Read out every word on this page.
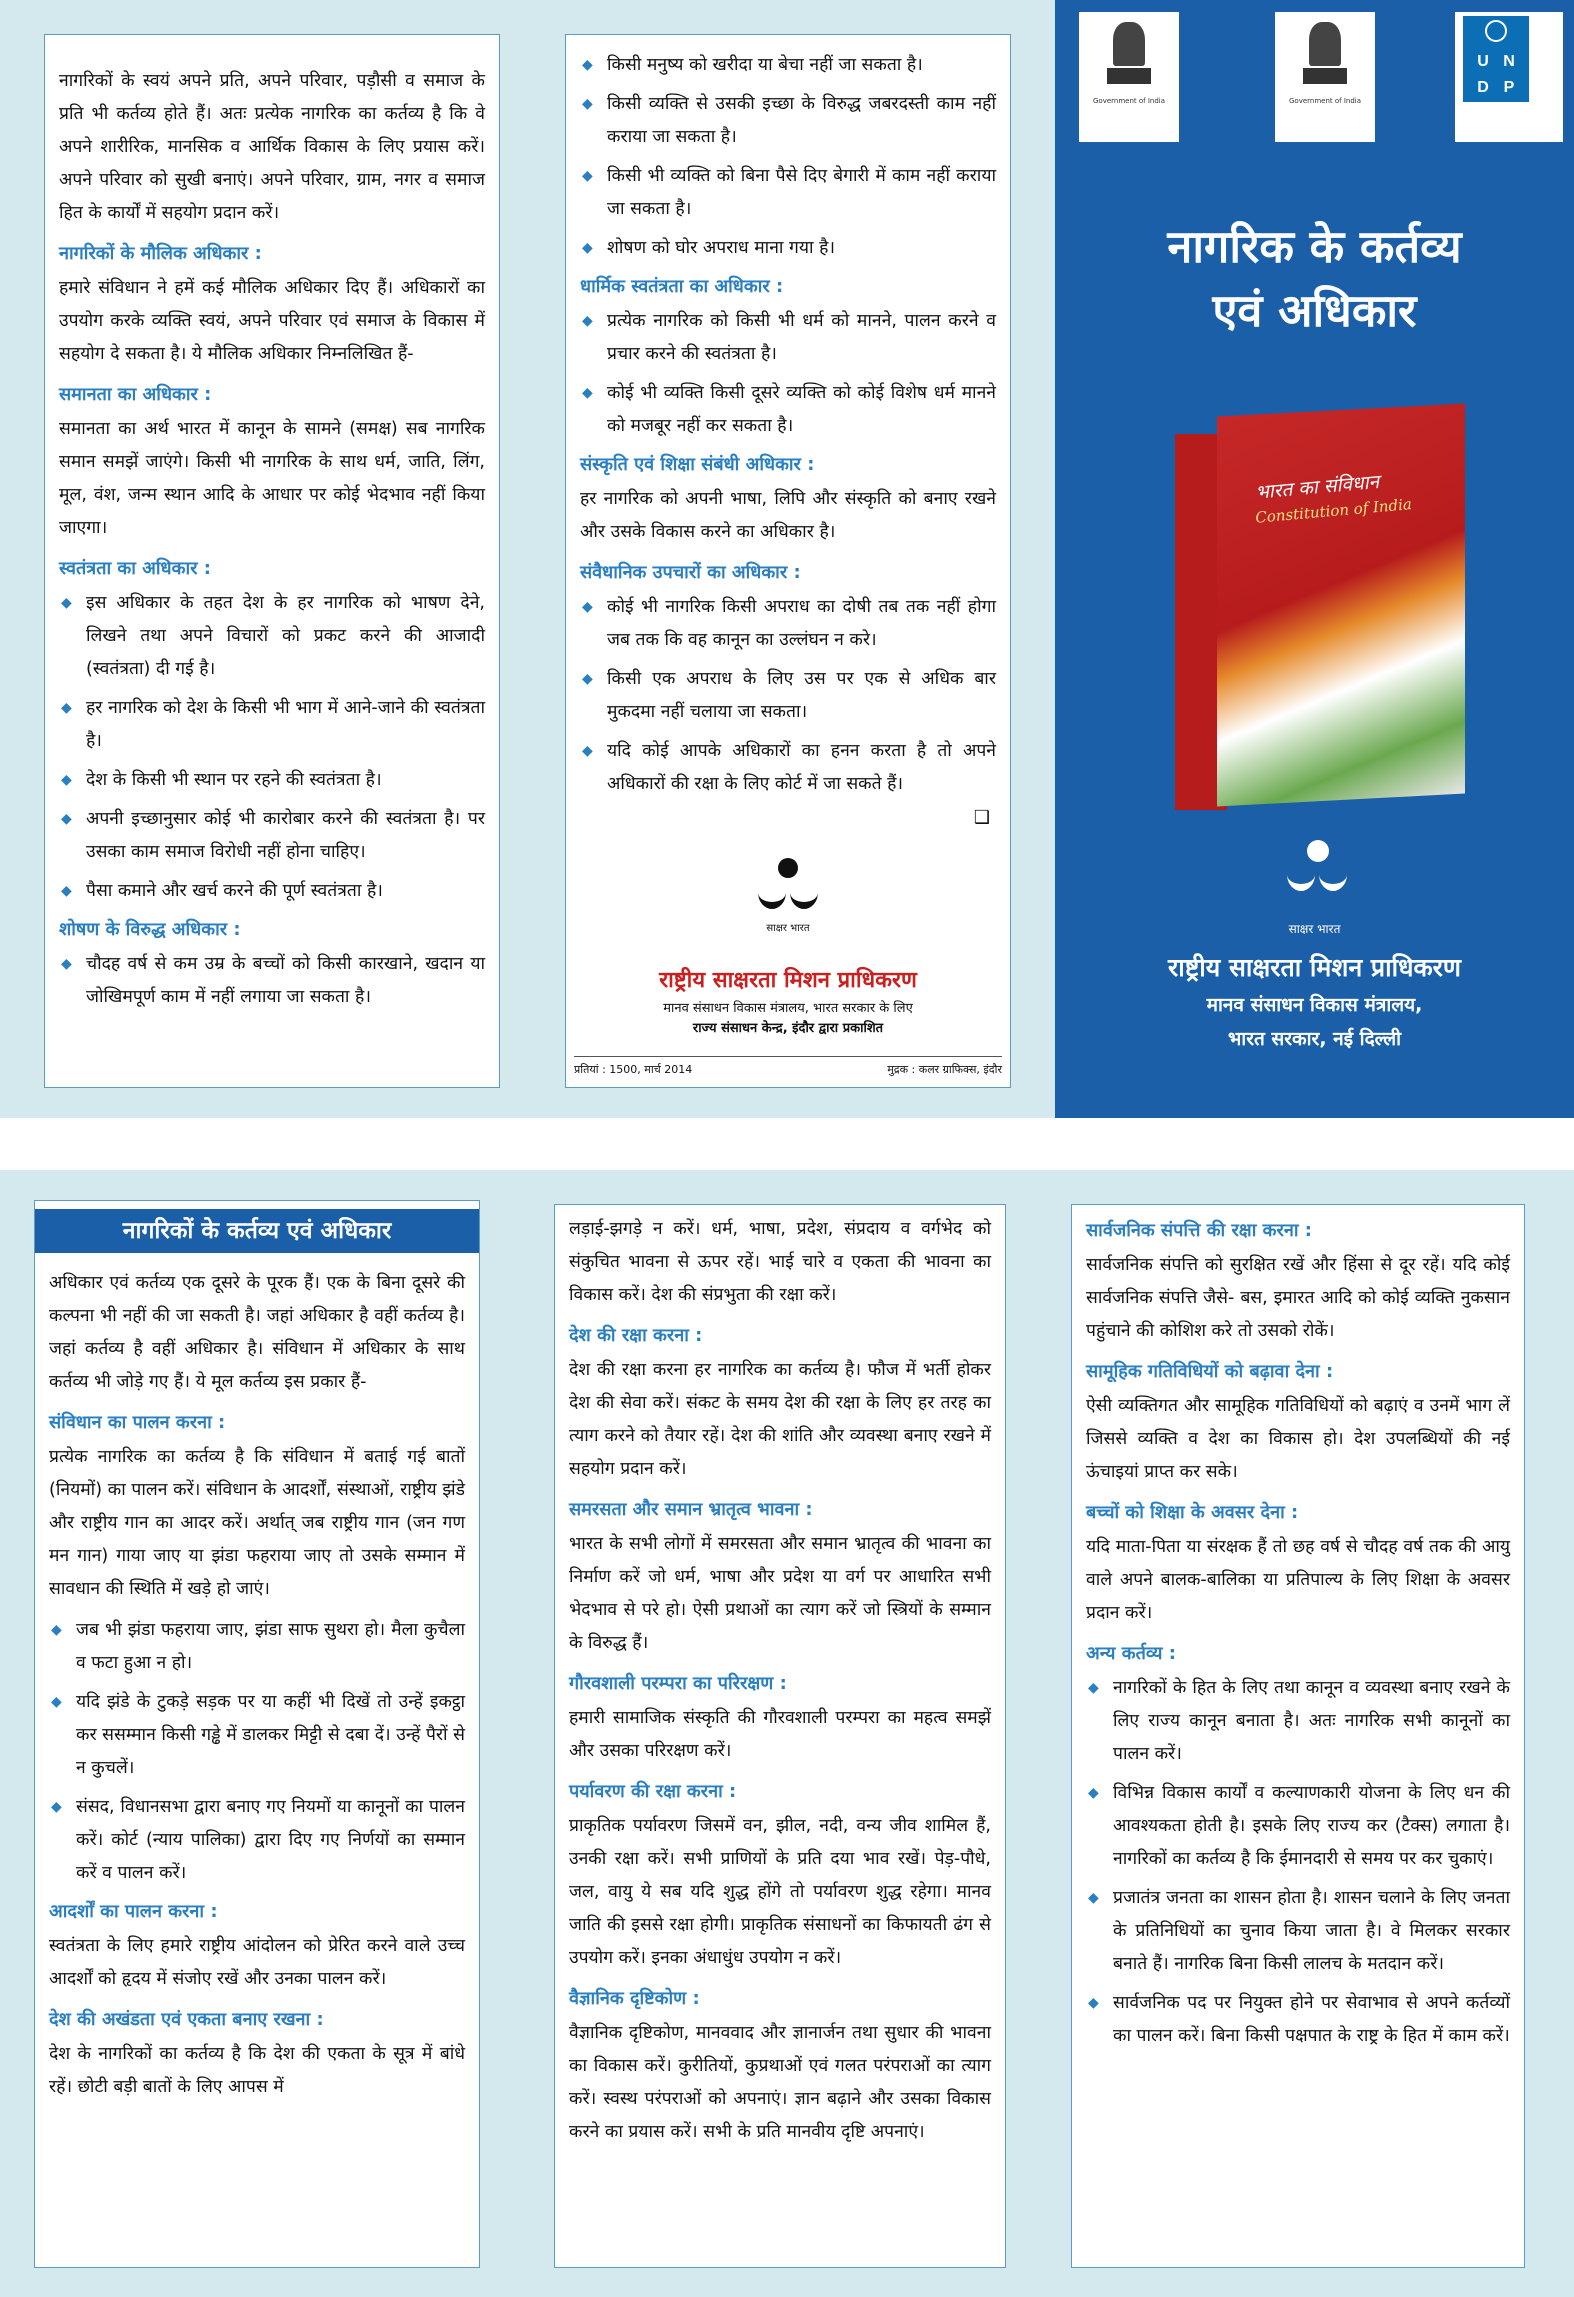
नागरिकों के स्वयं अपने प्रति, अपने परिवार, पड़ौसी व समाज के प्रति भी कर्तव्य होते हैं। अतः प्रत्येक नागरिक का कर्तव्य है कि वे अपने शारीरिक, मानसिक व आर्थिक विकास के लिए प्रयास करें। अपने परिवार को सुखी बनाएं। अपने परिवार, ग्राम, नगर व समाज हित के कार्यों में सहयोग प्रदान करें।

नागरिकों के मौलिक अधिकार :

हमारे संविधान ने हमें कई मौलिक अधिकार दिए हैं। अधिकारों का उपयोग करके व्यक्ति स्वयं, अपने परिवार एवं समाज के विकास में सहयोग दे सकता है। ये मौलिक अधिकार निम्नलिखित हैं-

समानता का अधिकार :

समानता का अर्थ भारत में कानून के सामने (समक्ष) सब नागरिक समान समझें जाएंगे। किसी भी नागरिक के साथ धर्म, जाति, लिंग, मूल, वंश, जन्म स्थान आदि के आधार पर कोई भेदभाव नहीं किया जाएगा।

स्वतंत्रता का अधिकार :
◆ इस अधिकार के तहत देश के हर नागरिक को भाषण देने, लिखने तथा अपने विचारों को प्रकट करने की आजादी (स्वतंत्रता) दी गई है।
◆ हर नागरिक को देश के किसी भी भाग में आने-जाने की स्वतंत्रता है।
◆ देश के किसी भी स्थान पर रहने की स्वतंत्रता है।
◆ अपनी इच्छानुसार कोई भी कारोबार करने की स्वतंत्रता है। पर उसका काम समाज विरोधी नहीं होना चाहिए।
◆ पैसा कमाने और खर्च करने की पूर्ण स्वतंत्रता है।
शोषण के विरुद्ध अधिकार :
◆ चौदह वर्ष से कम उम्र के बच्चों को किसी कारखाने, खदान या जोखिमपूर्ण काम में नहीं लगाया जा सकता है।
◆ किसी मनुष्य को खरीदा या बेचा नहीं जा सकता है।
◆ किसी व्यक्ति से उसकी इच्छा के विरुद्ध जबरदस्ती काम नहीं कराया जा सकता है।
◆ किसी भी व्यक्ति को बिना पैसे दिए बेगारी में काम नहीं कराया जा सकता है।
◆ शोषण को घोर अपराध माना गया है।
धार्मिक स्वतंत्रता का अधिकार :
◆ प्रत्येक नागरिक को किसी भी धर्म को मानने, पालन करने व प्रचार करने की स्वतंत्रता है।
◆ कोई भी व्यक्ति किसी दूसरे व्यक्ति को कोई विशेष धर्म मानने को मजबूर नहीं कर सकता है।
संस्कृति एवं शिक्षा संबंधी अधिकार :

हर नागरिक को अपनी भाषा, लिपि और संस्कृति को बनाए रखने और उसके विकास करने का अधिकार है।

संवैधानिक उपचारों का अधिकार :
◆ कोई भी नागरिक किसी अपराध का दोषी तब तक नहीं होगा जब तक कि वह कानून का उल्लंघन न करे।
◆ किसी एक अपराध के लिए उस पर एक से अधिक बार मुकदमा नहीं चलाया जा सकता।
◆ यदि कोई आपके अधिकारों का हनन करता है तो अपने अधिकारों की रक्षा के लिए कोर्ट में जा सकते हैं।
❑
साक्षर भारत
राष्ट्रीय साक्षरता मिशन प्राधिकरण
मानव संसाधन विकास मंत्रालय, भारत सरकार के लिए
राज्य संसाधन केन्द्र, इंदौर द्वारा प्रकाशित
प्रतियां : 1500, मार्च 2014	मुद्रक : कलर ग्राफिक्स, इंदौर
Government of India	Government of India
U N
D P
नागरिक के कर्तव्य
एवं अधिकार
भारत का संविधान
Constitution of India
साक्षर भारत
राष्ट्रीय साक्षरता मिशन प्राधिकरण
मानव संसाधन विकास मंत्रालय,
भारत सरकार, नई दिल्ली
नागरिकों के कर्तव्य एवं अधिकार

अधिकार एवं कर्तव्य एक दूसरे के पूरक हैं। एक के बिना दूसरे की कल्पना भी नहीं की जा सकती है। जहां अधिकार है वहीं कर्तव्य है। जहां कर्तव्य है वहीं अधिकार है। संविधान में अधिकार के साथ कर्तव्य भी जोड़े गए हैं। ये मूल कर्तव्य इस प्रकार हैं-

संविधान का पालन करना :

प्रत्येक नागरिक का कर्तव्य है कि संविधान में बताई गई बातों (नियमों) का पालन करें। संविधान के आदर्शों, संस्थाओं, राष्ट्रीय झंडे और राष्ट्रीय गान का आदर करें। अर्थात् जब राष्ट्रीय गान (जन गण मन गान) गाया जाए या झंडा फहराया जाए तो उसके सम्मान में सावधान की स्थिति में खड़े हो जाएं।

◆ जब भी झंडा फहराया जाए, झंडा साफ सुथरा हो। मैला कुचैला व फटा हुआ न हो।
◆ यदि झंडे के टुकड़े सड़क पर या कहीं भी दिखें तो उन्हें इकट्ठा कर ससम्मान किसी गड्ढे में डालकर मिट्टी से दबा दें। उन्हें पैरों से न कुचलें।
◆ संसद, विधानसभा द्वारा बनाए गए नियमों या कानूनों का पालन करें। कोर्ट (न्याय पालिका) द्वारा दिए गए निर्णयों का सम्मान करें व पालन करें।
आदर्शों का पालन करना :

स्वतंत्रता के लिए हमारे राष्ट्रीय आंदोलन को प्रेरित करने वाले उच्च आदर्शों को हृदय में संजोए रखें और उनका पालन करें।

देश की अखंडता एवं एकता बनाए रखना :

देश के नागरिकों का कर्तव्य है कि देश की एकता के सूत्र में बांधे रहें। छोटी बड़ी बातों के लिए आपस में

लड़ाई-झगड़े न करें। धर्म, भाषा, प्रदेश, संप्रदाय व वर्गभेद को संकुचित भावना से ऊपर रहें। भाई चारे व एकता की भावना का विकास करें। देश की संप्रभुता की रक्षा करें।

देश की रक्षा करना :

देश की रक्षा करना हर नागरिक का कर्तव्य है। फौज में भर्ती होकर देश की सेवा करें। संकट के समय देश की रक्षा के लिए हर तरह का त्याग करने को तैयार रहें। देश की शांति और व्यवस्था बनाए रखने में सहयोग प्रदान करें।

समरसता और समान भ्रातृत्व भावना :

भारत के सभी लोगों में समरसता और समान भ्रातृत्व की भावना का निर्माण करें जो धर्म, भाषा और प्रदेश या वर्ग पर आधारित सभी भेदभाव से परे हो। ऐसी प्रथाओं का त्याग करें जो स्त्रियों के सम्मान के विरुद्ध हैं।

गौरवशाली परम्परा का परिरक्षण :

हमारी सामाजिक संस्कृति की गौरवशाली परम्परा का महत्व समझें और उसका परिरक्षण करें।

पर्यावरण की रक्षा करना :

प्राकृतिक पर्यावरण जिसमें वन, झील, नदी, वन्य जीव शामिल हैं, उनकी रक्षा करें। सभी प्राणियों के प्रति दया भाव रखें। पेड़-पौधे, जल, वायु ये सब यदि शुद्ध होंगे तो पर्यावरण शुद्ध रहेगा। मानव जाति की इससे रक्षा होगी। प्राकृतिक संसाधनों का किफायती ढंग से उपयोग करें। इनका अंधाधुंध उपयोग न करें।

वैज्ञानिक दृष्टिकोण :

वैज्ञानिक दृष्टिकोण, मानववाद और ज्ञानार्जन तथा सुधार की भावना का विकास करें। कुरीतियों, कुप्रथाओं एवं गलत परंपराओं का त्याग करें। स्वस्थ परंपराओं को अपनाएं। ज्ञान बढ़ाने और उसका विकास करने का प्रयास करें। सभी के प्रति मानवीय दृष्टि अपनाएं।

सार्वजनिक संपत्ति की रक्षा करना :

सार्वजनिक संपत्ति को सुरक्षित रखें और हिंसा से दूर रहें। यदि कोई सार्वजनिक संपत्ति जैसे- बस, इमारत आदि को कोई व्यक्ति नुकसान पहुंचाने की कोशिश करे तो उसको रोकें।

सामूहिक गतिविधियों को बढ़ावा देना :

ऐसी व्यक्तिगत और सामूहिक गतिविधियों को बढ़ाएं व उनमें भाग लें जिससे व्यक्ति व देश का विकास हो। देश उपलब्धियों की नई ऊंचाइयां प्राप्त कर सके।

बच्चों को शिक्षा के अवसर देना :

यदि माता-पिता या संरक्षक हैं तो छह वर्ष से चौदह वर्ष तक की आयु वाले अपने बालक-बालिका या प्रतिपाल्य के लिए शिक्षा के अवसर प्रदान करें।

अन्य कर्तव्य :
◆ नागरिकों के हित के लिए तथा कानून व व्यवस्था बनाए रखने के लिए राज्य कानून बनाता है। अतः नागरिक सभी कानूनों का पालन करें।
◆ विभिन्न विकास कार्यों व कल्याणकारी योजना के लिए धन की आवश्यकता होती है। इसके लिए राज्य कर (टैक्स) लगाता है। नागरिकों का कर्तव्य है कि ईमानदारी से समय पर कर चुकाएं।
◆ प्रजातंत्र जनता का शासन होता है। शासन चलाने के लिए जनता के प्रतिनिधियों का चुनाव किया जाता है। वे मिलकर सरकार बनाते हैं। नागरिक बिना किसी लालच के मतदान करें।
◆ सार्वजनिक पद पर नियुक्त होने पर सेवाभाव से अपने कर्तव्यों का पालन करें। बिना किसी पक्षपात के राष्ट्र के हित में काम करें।
